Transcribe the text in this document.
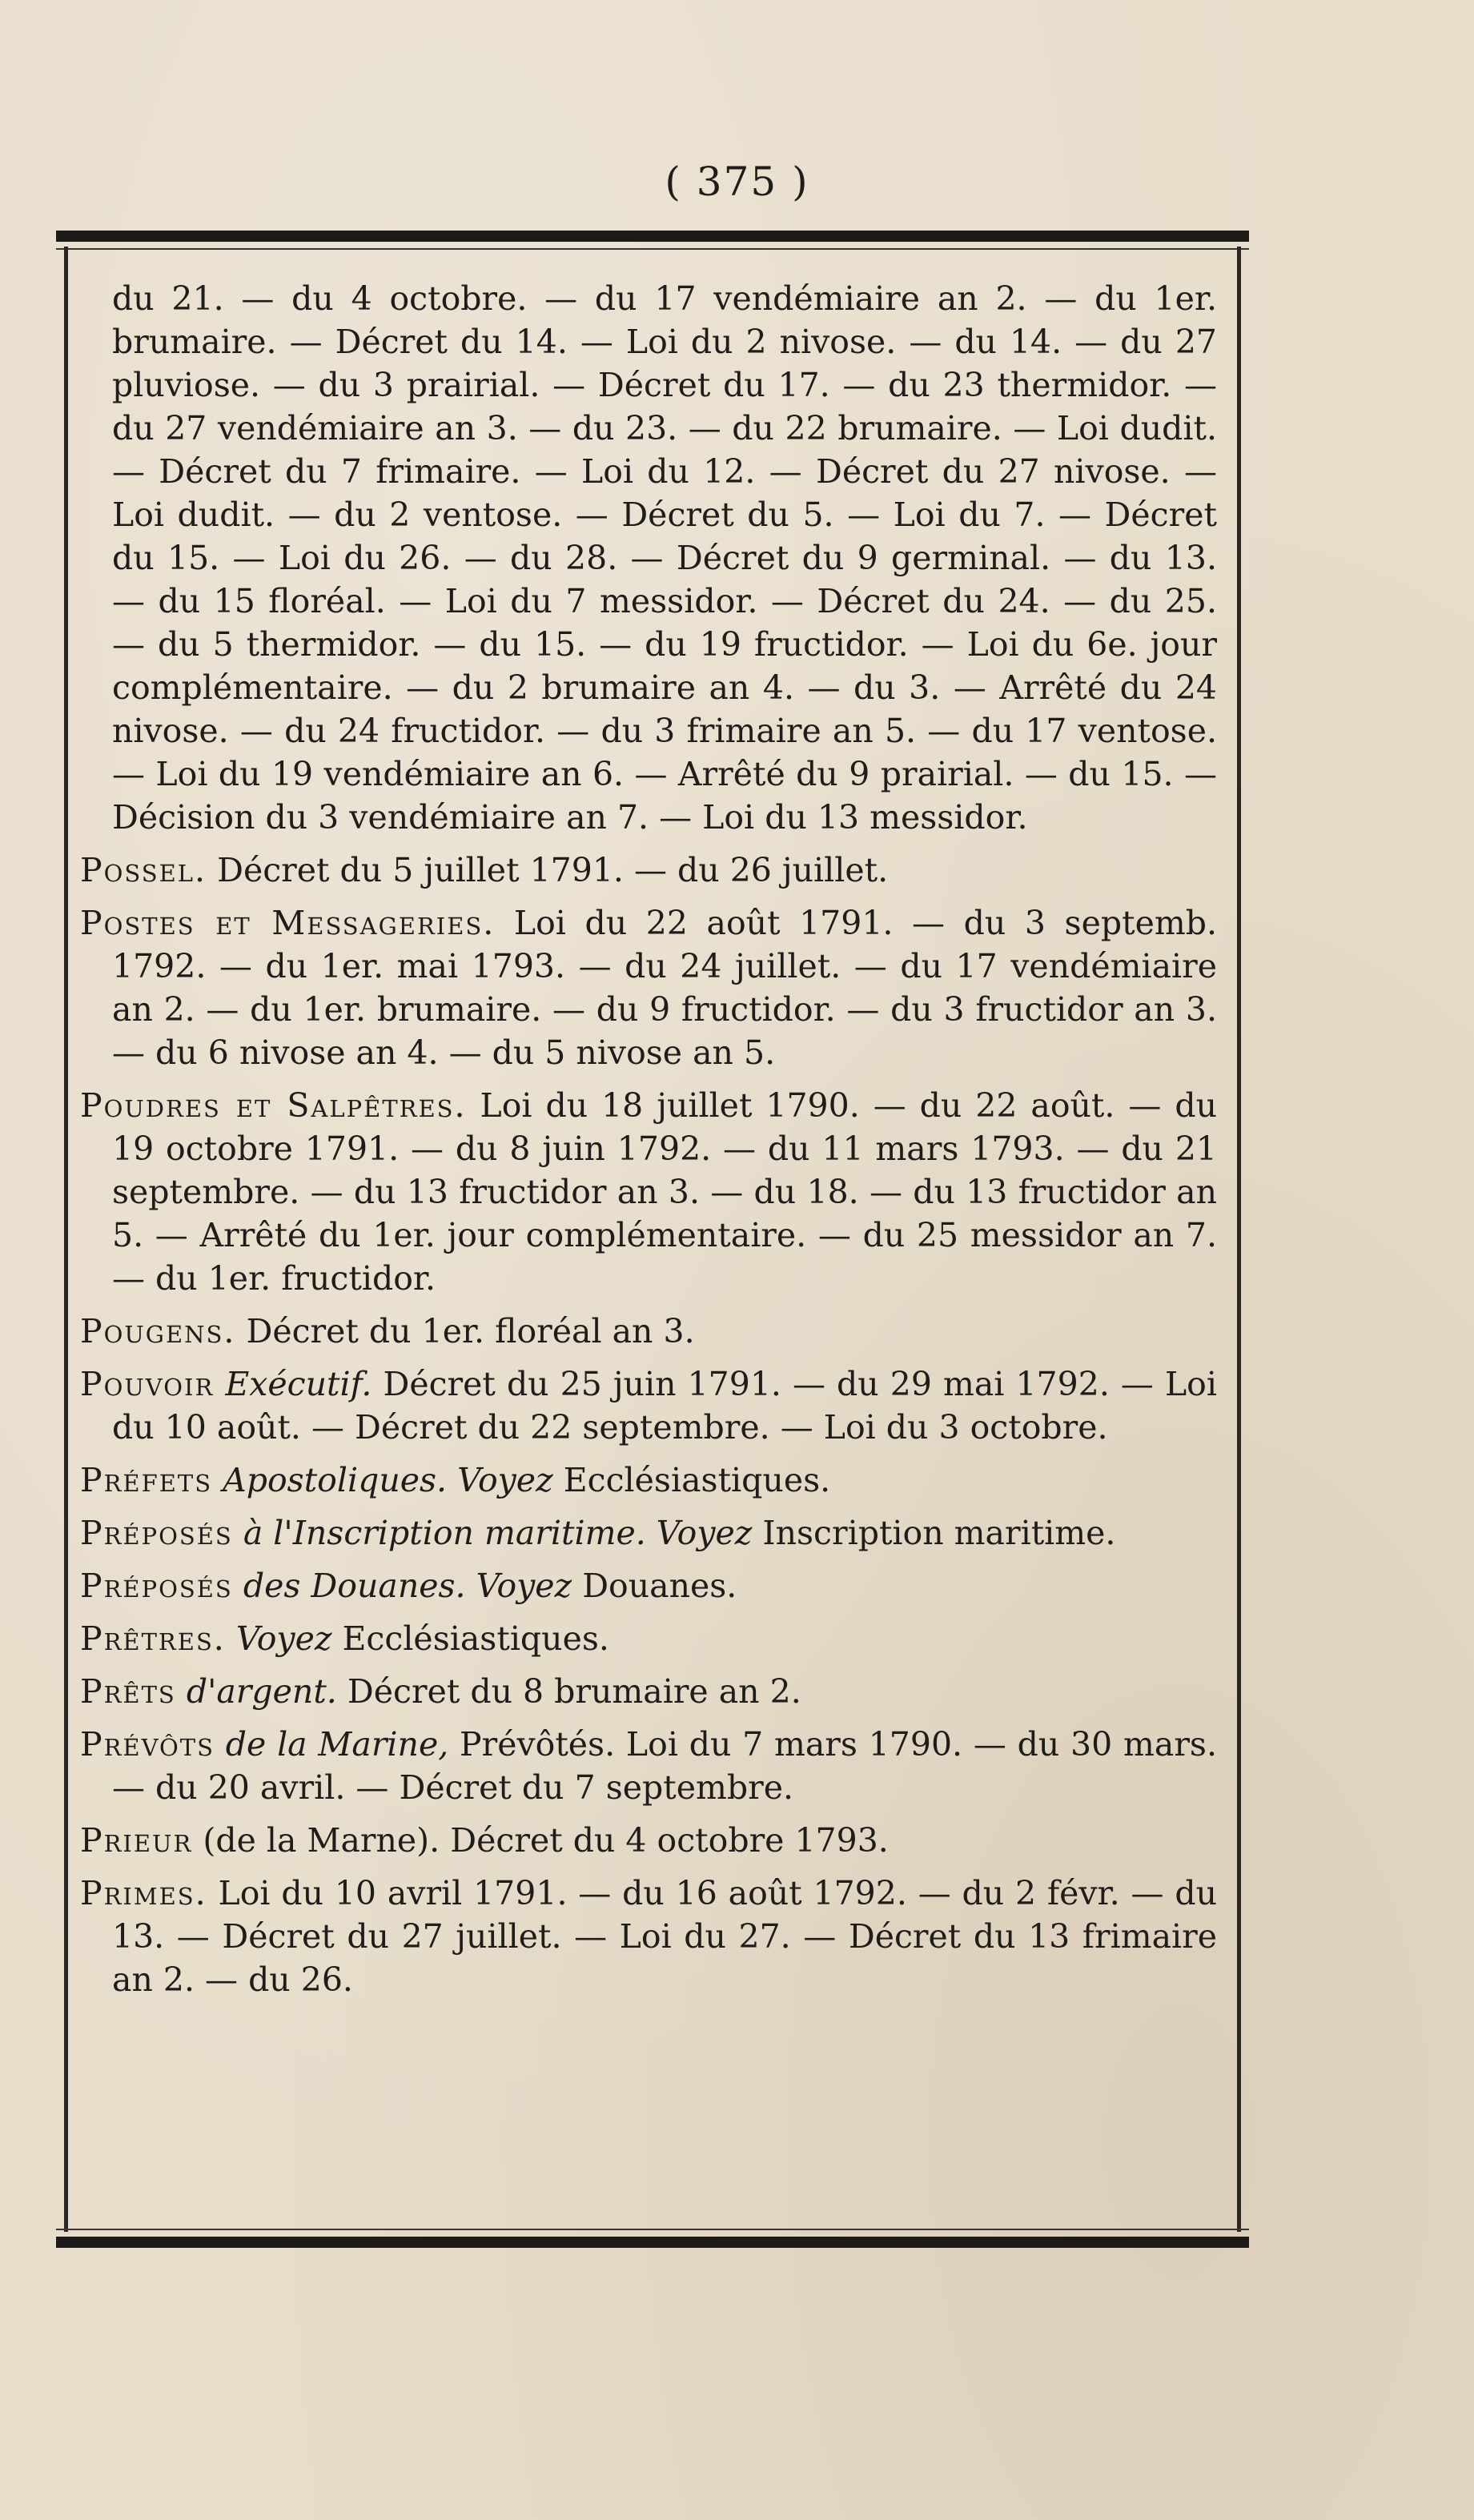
( 375 )

du 21. — du 4 octobre. — du 17 vendémiaire an 2. — du 1er. brumaire. — Décret du 14. — Loi du 2 nivose. — du 14. — du 27 pluviose. — du 3 prairial. — Décret du 17. — du 23 thermidor. — du 27 vendémiaire an 3. — du 23. — du 22 brumaire. — Loi dudit. — Décret du 7 frimaire. — Loi du 12. — Décret du 27 nivose. — Loi dudit. — du 2 ventose. — Décret du 5. — Loi du 7. — Décret du 15. — Loi du 26. — du 28. — Décret du 9 germinal. — du 13. — du 15 floréal. — Loi du 7 messidor. — Décret du 24. — du 25. — du 5 thermidor. — du 15. — du 19 fructidor. — Loi du 6e. jour complémentaire. — du 2 brumaire an 4. — du 3. — Arrêté du 24 nivose. — du 24 fructidor. — du 3 frimaire an 5. — du 17 ventose. — Loi du 19 vendémiaire an 6. — Arrêté du 9 prairial. — du 15. — Décision du 3 vendémiaire an 7. — Loi du 13 messidor.

Possel. Décret du 5 juillet 1791. — du 26 juillet.

Postes et Messageries. Loi du 22 août 1791. — du 3 septemb. 1792. — du 1er. mai 1793. — du 24 juillet. — du 17 vendémiaire an 2. — du 1er. brumaire. — du 9 fructidor. — du 3 fructidor an 3. — du 6 nivose an 4. — du 5 nivose an 5.

Poudres et Salpêtres. Loi du 18 juillet 1790. — du 22 août. — du 19 octobre 1791. — du 8 juin 1792. — du 11 mars 1793. — du 21 septembre. — du 13 fructidor an 3. — du 18. — du 13 fructidor an 5. — Arrêté du 1er. jour complémentaire. — du 25 messidor an 7. — du 1er. fructidor.

Pougens. Décret du 1er. floréal an 3.

Pouvoir Exécutif. Décret du 25 juin 1791. — du 29 mai 1792. — Loi du 10 août. — Décret du 22 septembre. — Loi du 3 octobre.

Préfets Apostoliques. Voyez Ecclésiastiques.

Préposés à l'Inscription maritime. Voyez Inscription maritime.

Préposés des Douanes. Voyez Douanes.

Prêtres. Voyez Ecclésiastiques.

Prêts d'argent. Décret du 8 brumaire an 2.

Prévôts de la Marine, Prévôtés. Loi du 7 mars 1790. — du 30 mars. — du 20 avril. — Décret du 7 septembre.

Prieur (de la Marne). Décret du 4 octobre 1793.

Primes. Loi du 10 avril 1791. — du 16 août 1792. — du 2 févr. — du 13. — Décret du 27 juillet. — Loi du 27. — Décret du 13 frimaire an 2. — du 26.
